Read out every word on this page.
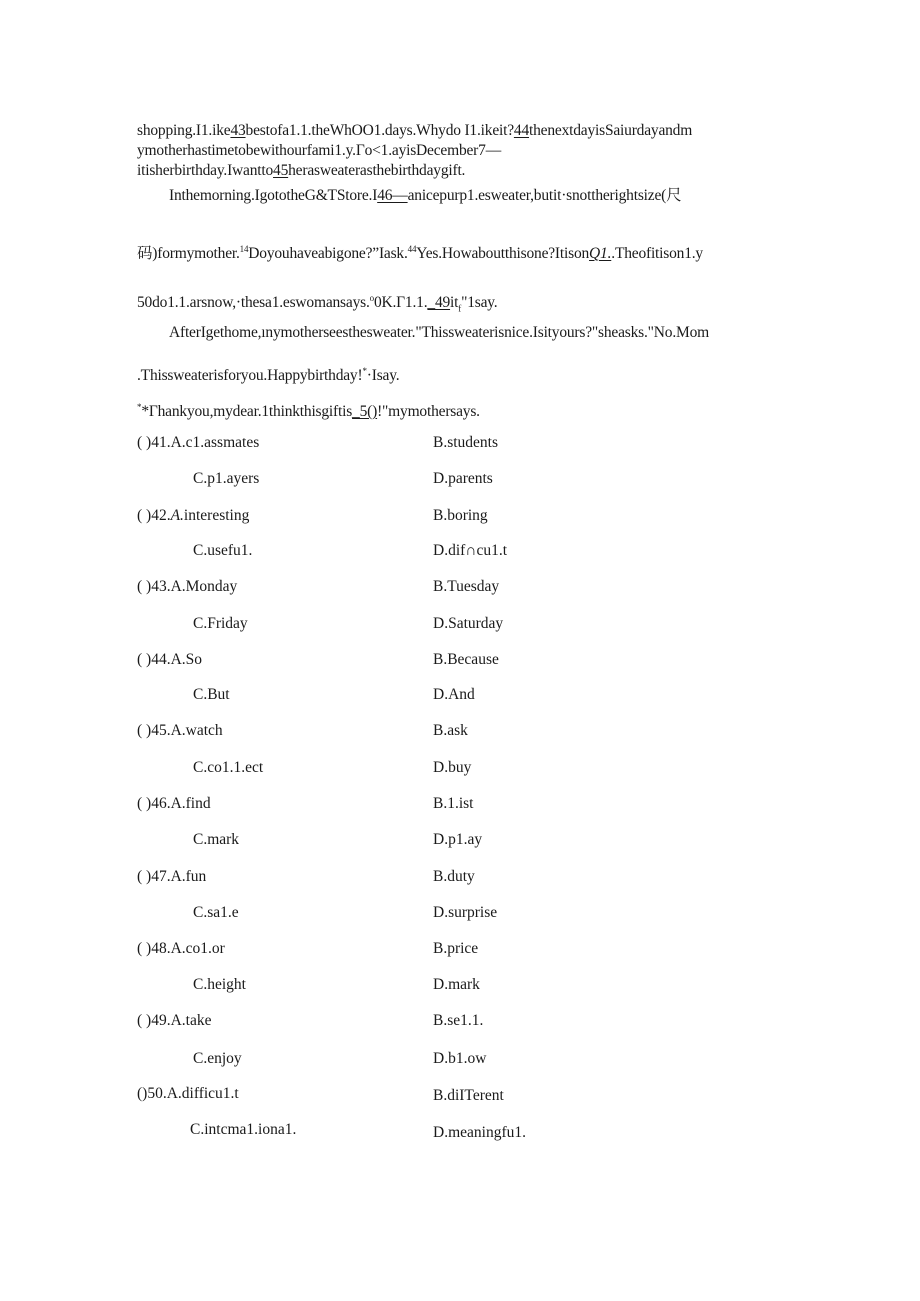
shopping.I1.ike43bestofa1.1.theWhOO1.days.Whydo I1.ikeit?44thenextdayisSaiurdayandm
ymotherhastimetobewithourfami1.y.Γo<1.ayisDecember7—
itisherbirthday.Iwantto45herasweaterasthebirthdaygift.
Inthemorning.IgototheG&TStore.I46—anicepurp1.esweater,butit·snottherightsize(尺
码)formymother.$^{14}$Doyouhaveabigone?”Iask.$^{44}$Yes.Howaboutthisone?ItisonQ1..Theofitison1.y
$50do1.1.arsnow,\cdot thesa1.eswomansays.^o0K.\Gamma 1.1.\_49it_f"1say$.
AfterIgethome,ınymotherseesthesweater."Thissweaterisnice.Isityours?"sheasks."No.Mom
.Thissweaterisforyou.Happybirthday!*·Isay.
**Γhankyou,mydear.1thinkthisgiftis_5()!"mymothersays.
( )41.A.c1.assmates	B.students
C.p1.ayers	D.parents
( )42.A.interesting	B.boring
C.usefu1.	D.dif∩cu1.t
( )43.A.Monday	B.Tuesday
C.Friday	D.Saturday
( )44.A.So	B.Because
C.But	D.And
( )45.A.watch	B.ask
C.co1.1.ect	D.buy
( )46.A.find	B.1.ist
C.mark	D.p1.ay
( )47.A.fun	B.duty
C.sa1.e	D.surprise
( )48.A.co1.or	B.price
C.height	D.mark
( )49.A.take	B.se1.1.
C.enjoy	D.b1.ow
()50.A.difficu1.t	B.diITerent
C.intcma1.iona1.	D.meaningfu1.
